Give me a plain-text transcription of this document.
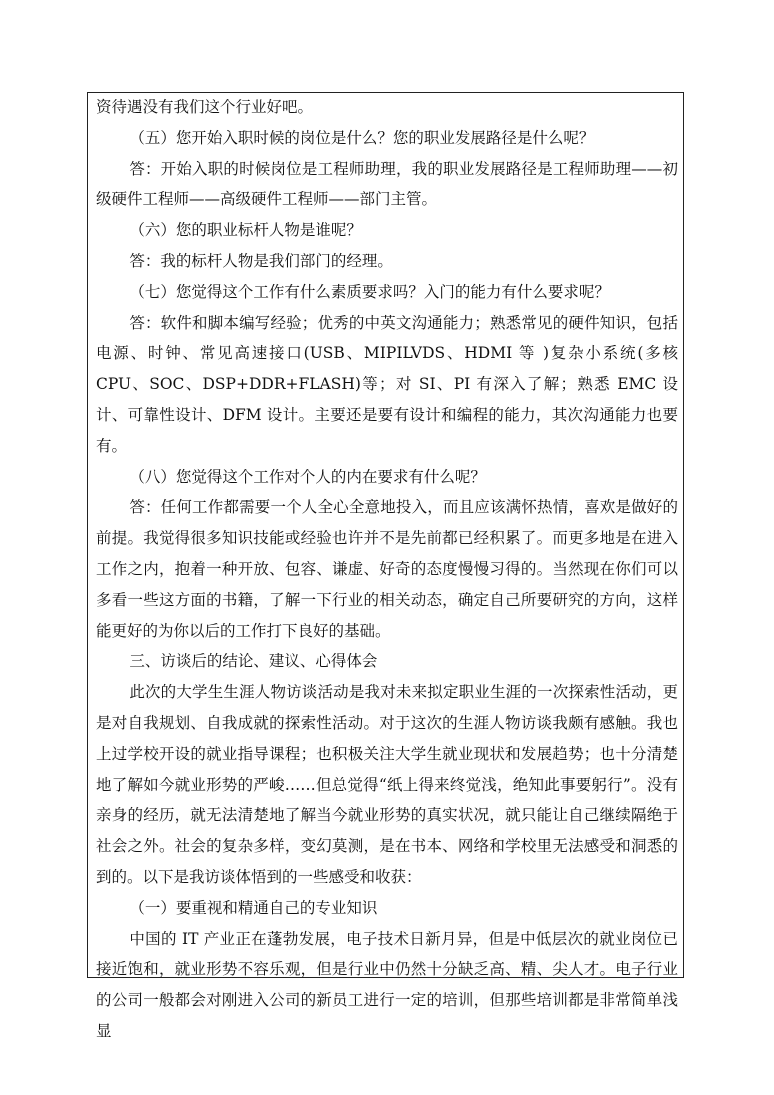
资待遇没有我们这个行业好吧。

（五）您开始入职时候的岗位是什么？您的职业发展路径是什么呢？

答：开始入职的时候岗位是工程师助理，我的职业发展路径是工程师助理——初级硬件工程师——高级硬件工程师——部门主管。

（六）您的职业标杆人物是谁呢？

答：我的标杆人物是我们部门的经理。

（七）您觉得这个工作有什么素质要求吗？入门的能力有什么要求呢？

答：软件和脚本编写经验；优秀的中英文沟通能力；熟悉常见的硬件知识，包括电源、时钟、常见高速接口(USB、MIPILVDS、HDMI 等 )复杂小系统(多核 CPU、SOC、DSP+DDR+FLASH)等；对 SI、PI 有深入了解；熟悉 EMC 设计、可靠性设计、DFM 设计。主要还是要有设计和编程的能力，其次沟通能力也要有。

（八）您觉得这个工作对个人的内在要求有什么呢？

答：任何工作都需要一个人全心全意地投入，而且应该满怀热情，喜欢是做好的前提。我觉得很多知识技能或经验也许并不是先前都已经积累了。而更多地是在进入工作之内，抱着一种开放、包容、谦虚、好奇的态度慢慢习得的。当然现在你们可以多看一些这方面的书籍，了解一下行业的相关动态，确定自己所要研究的方向，这样能更好的为你以后的工作打下良好的基础。

三、访谈后的结论、建议、心得体会

此次的大学生生涯人物访谈活动是我对未来拟定职业生涯的一次探索性活动，更是对自我规划、自我成就的探索性活动。对于这次的生涯人物访谈我颇有感触。我也上过学校开设的就业指导课程；也积极关注大学生就业现状和发展趋势；也十分清楚地了解如今就业形势的严峻……但总觉得“纸上得来终觉浅，绝知此事要躬行”。没有亲身的经历，就无法清楚地了解当今就业形势的真实状况，就只能让自己继续隔绝于社会之外。社会的复杂多样，变幻莫测，是在书本、网络和学校里无法感受和洞悉的到的。以下是我访谈体悟到的一些感受和收获：

（一）要重视和精通自己的专业知识

中国的 IT 产业正在蓬勃发展，电子技术日新月异，但是中低层次的就业岗位已接近饱和，就业形势不容乐观，但是行业中仍然十分缺乏高、精、尖人才。电子行业的公司一般都会对刚进入公司的新员工进行一定的培训，但那些培训都是非常简单浅显
